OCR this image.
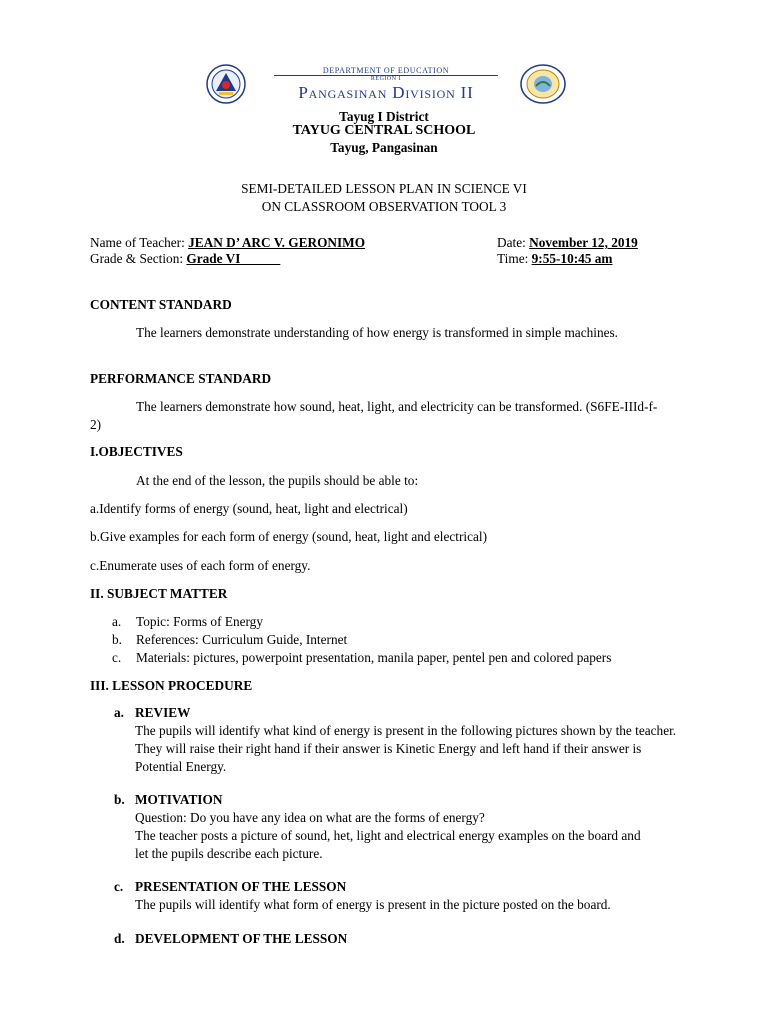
DEPARTMENT OF EDUCATION
REGION I
Pangasinan Division II
Tayug I District
TAYUG CENTRAL SCHOOL
Tayug, Pangasinan
SEMI-DETAILED LESSON PLAN IN SCIENCE VI
ON CLASSROOM OBSERVATION TOOL 3
Name of Teacher: JEAN D’ ARC V. GERONIMO	Date: November 12, 2019
Grade & Section: Grade VI	Time: 9:55-10:45 am
CONTENT STANDARD
The learners demonstrate understanding of how energy is transformed in simple machines.
PERFORMANCE STANDARD
The learners demonstrate how sound, heat, light, and electricity can be transformed. (S6FE-IIId-f-2)
I.OBJECTIVES
At the end of the lesson, the pupils should be able to:
a.Identify forms of energy (sound, heat, light and electrical)
b.Give examples for each form of energy (sound, heat, light and electrical)
c.Enumerate uses of each form of energy.
II. SUBJECT MATTER
a. Topic: Forms of Energy
b. References: Curriculum Guide, Internet
c. Materials: pictures, powerpoint presentation, manila paper, pentel pen and colored papers
III. LESSON PROCEDURE
a. REVIEW
The pupils will identify what kind of energy is present in the following pictures shown by the teacher. They will raise their right hand if their answer is Kinetic Energy and left hand if their answer is Potential Energy.
b. MOTIVATION
Question: Do you have any idea on what are the forms of energy?
The teacher posts a picture of sound, het, light and electrical energy examples on the board and let the pupils describe each picture.
c. PRESENTATION OF THE LESSON
The pupils will identify what form of energy is present in the picture posted on the board.
d. DEVELOPMENT OF THE LESSON
